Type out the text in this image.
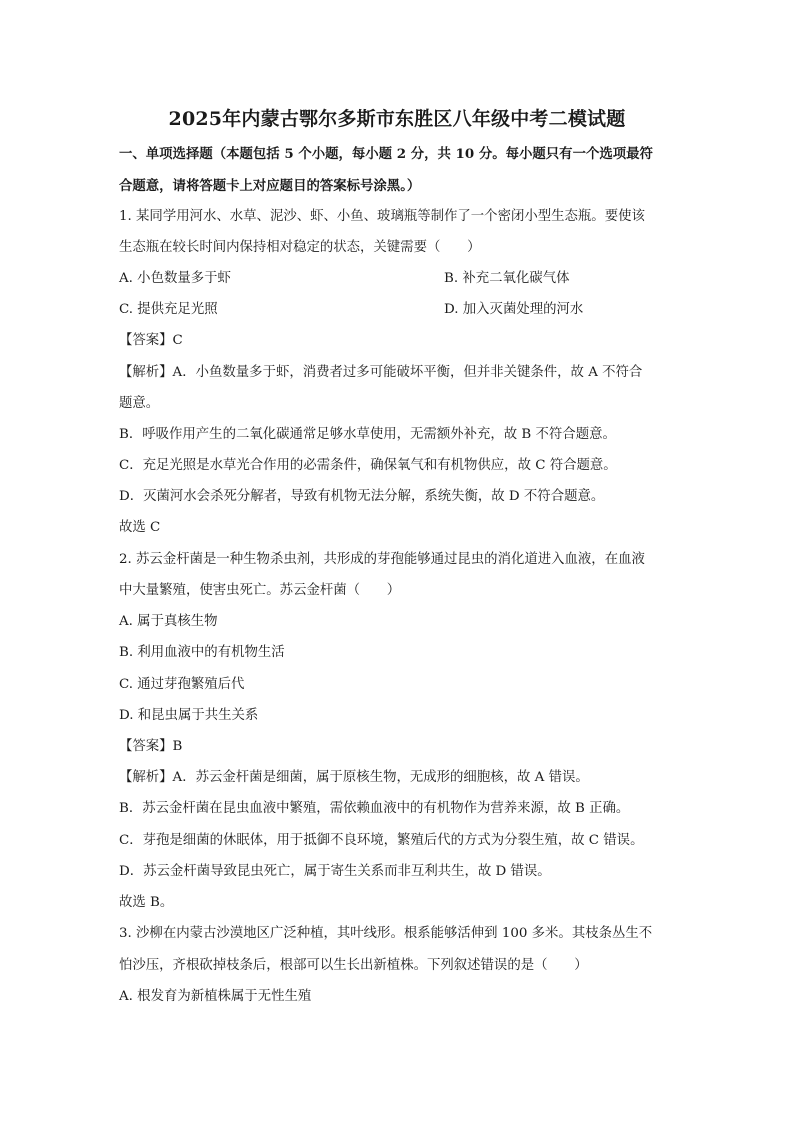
2025年内蒙古鄂尔多斯市东胜区八年级中考二模试题
一、单项选择题（本题包括 5 个小题，每小题 2 分，共 10 分。每小题只有一个选项最符
合题意，请将答题卡上对应题目的答案标号涂黑。）
1. 某同学用河水、水草、泥沙、虾、小鱼、玻璃瓶等制作了一个密闭小型生态瓶。要使该
生态瓶在较长时间内保持相对稳定的状态，关键需要（　　）
A. 小色数量多于虾	B. 补充二氧化碳气体
C. 提供充足光照	D. 加入灭菌处理的河水
【答案】C
【解析】A．小鱼数量多于虾，消费者过多可能破坏平衡，但并非关键条件，故 A 不符合
题意。
B．呼吸作用产生的二氧化碳通常足够水草使用，无需额外补充，故 B 不符合题意。
C．充足光照是水草光合作用的必需条件，确保氧气和有机物供应，故 C 符合题意。
D．灭菌河水会杀死分解者，导致有机物无法分解，系统失衡，故 D 不符合题意。
故选 C
2. 苏云金杆菌是一种生物杀虫剂，共形成的芽孢能够通过昆虫的消化道进入血液，在血液
中大量繁殖，使害虫死亡。苏云金杆菌（　　）
A. 属于真核生物
B. 利用血液中的有机物生活
C. 通过芽孢繁殖后代
D. 和昆虫属于共生关系
【答案】B
【解析】A．苏云金杆菌是细菌，属于原核生物，无成形的细胞核，故 A 错误。
B．苏云金杆菌在昆虫血液中繁殖，需依赖血液中的有机物作为营养来源，故 B 正确。
C．芽孢是细菌的休眠体，用于抵御不良环境，繁殖后代的方式为分裂生殖，故 C 错误。
D．苏云金杆菌导致昆虫死亡，属于寄生关系而非互利共生，故 D 错误。
故选 B。
3. 沙柳在内蒙古沙漠地区广泛种植，其叶线形。根系能够活伸到 100 多米。其枝条丛生不
怕沙压，齐根砍掉枝条后，根部可以生长出新植株。下列叙述错误的是（　　）
A. 根发育为新植株属于无性生殖
